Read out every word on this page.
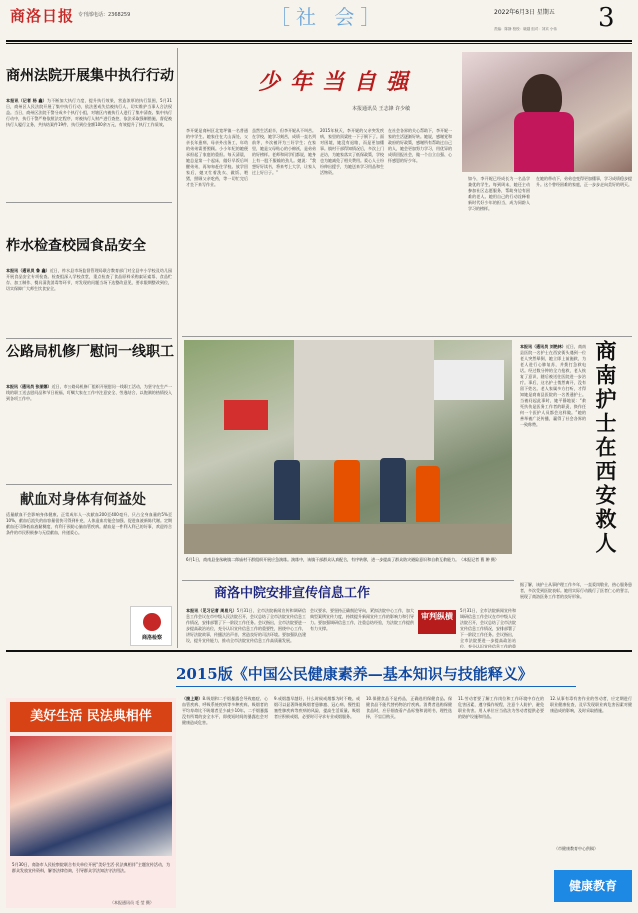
商洛日报 专刊部电话：2368259	［社 会］	2022年6月3日 星期五 3
责编：陈静 校校：晓越 组对：刘宾 小伟
商州法院开展集中执行行动
本报讯（记者 杨 鑫）为不断加大执行力度，提升执行效果，营造浓厚的执行氛围，5月31日，商州区人民法院开展了集中执行行动，依法惩戒失信被执行人，切实维护当事人合法权益。当日，商州区法院干警分成多个执行小组，对辖区内被执行人进行了集中清查。集中执行行动中，执行干警严格依照法定程序，对被执行人财产进行查控，依法采取强制措施，督促被执行人履行义务，共执结案件19件，执行到位金额100余万元，有效提升了执行工作质效。
柞水检查校园食品安全
本报讯（通讯员 鲁 鑫）近日，柞水县市场监督管理局联合教育部门对全县中小学校及幼儿园开展食品安全专项检查。检查组深入学校食堂，重点检查了食品原料采购索证索票、食品贮存、加工制作、餐具清洗消毒等环节，对发现的问题当场下达整改意见，要求限期整改到位，切实保障广大师生饮食安全。
公路局机修厂慰问一线职工
本报讯（通讯员 张丽娜）近日，市公路局机修厂组织开展慰问一线职工活动，为坚守在生产一线的职工送去慰问品和节日祝福，叮嘱大家在工作中注意安全、劳逸结合，以饱满的热情投入到各项工作中。
献血对身体有何益处
适量献血不会影响身体健康。正常成年人一次献血200至400毫升，只占全身血量的5%至10%，献血后流失的血容量很快可得到补充，人体造血功能会加强，促进血液新陈代谢。定期献血还可降低血液黏稠度，有利于预防心脑血管疾病。献血是一件利人利己的好事，欢迎符合条件的市民积极参与无偿献血，传递爱心。
商洛检察
少年当自强
本报通讯员 王志锋 许少敏
李开妮是商州区北宽坪镇一名普通的中学生。她家住在大山深处，父亲长年患病，母亲外出务工，年幼的弟弟需要照顾。小小年纪的她便承担起了家庭的重担。每天清晨，她总是第一个起床，做好早饭后叫醒弟弟，再匆匆赶往学校。放学回家后，她又忙着洗衣、做饭、喂猪，照顾父亲吃药，等一切忙完后才坐下来写作业。
虽然生活艰辛，但李开妮从不叫苦。在学校，她学习刻苦，成绩一直名列前茅，多次被评为三好学生；在家里，她是父母贴心的小棉袄，是弟弟的好榜样。老师和同学们都说，她身上有一股不服输的劲儿。她说：“我想好好读书，将来考上大学，让家人过上好日子。”
2015年秋天，李开妮的父亲突发疾病，家里的顶梁柱一下子倒下了。面对困境，她没有退缩，而是更加懂事。镇村干部得知情况后，多次上门走访，为她家落实了低保政策，学校也为她减免了相关费用。爱心人士纷纷伸出援手，为她送来学习用品和生活物资。
在社会各界的关心帮助下，李开妮一家的生活逐渐好转。她说，感谢党和政府的好政策，感谢所有帮助过自己的人，她会更加努力学习，用优异的成绩回报社会，做一个自立自强、心怀感恩的好少年。
如今，李开妮已经成长为一名品学兼优的学生。每到周末，她还主动参加社区志愿服务，帮助身边有困难的老人。她用自己的行动诠释着新时代好少年的担当，成为同龄人学习的榜样。
在她的带动下，弟弟也变得更加懂事，学习成绩稳步提升。这个曾经困难的家庭，正一步步走向美好的明天。
6月1日，商南县金丝峡镇二郎庙村干群组织开展应急演练。演练中，该镇干部群众认真配合，有序转移，进一步提高了群众防灾避险意识和自救互救能力。（本报记者 曹 翀 摄）
商南护士在西安救人
本报讯（通讯员 刘艳林）近日，商南县医院一名护士在西安街头遇到一位老人突然晕倒，她立即上前施救，为老人进行心肺复苏，并拨打急救电话。经过数分钟的全力抢救，老人恢复了意识，随后被送往医院进一步治疗。事后，这名护士悄然离开，没有留下姓名。老人家属多方打听，才得知她是商南县医院的一名普通护士。当被问起此事时，她平静地说：“救死扶伤是医务工作者的职责，换作任何一个医护人员都会这样做。”她的善举被广泛传播，赢得了社会各界的一致称赞。
据了解，该护士从事护理工作多年，一直爱岗敬业，热心服务患者，多次受到医院表彰。她用实际行动践行了医者仁心的誓言，展现了商洛医务工作者的良好形象。
商洛中院安排宣传信息工作
本报讯（见习记者 周易凡）5月31日，全市法院新闻宣传和调研信息工作会议在市中级人民法院召开，会议总结了全市法院宣传信息工作情况，安排部署了下一阶段工作任务。会议指出，全市法院要进一步提高政治站位，充分认识宣传信息工作的重要性，围绕中心工作，讲好法院故事，传播法治声音，营造良好的司法环境。要加强队伍建设，提升宣传能力，推动全市法院宣传信息工作高质量发展。
会议要求，要坚持正确舆论导向，紧扣法院中心工作，加大典型案例宣传力度，持续提升新闻宣传工作的影响力和引导力。要加强调研信息工作，注重总结经验，为法院工作提供有力支撑。
审判纵横
5月31日，全市法院新闻宣传和调研信息工作会议在市中级人民法院召开，会议总结了全市法院宣传信息工作情况，安排部署了下一阶段工作任务。会议指出，全市法院要进一步提高政治站位，充分认识宣传信息工作的重
2015版《中国公民健康素养—基本知识与技能释义》
美好生活 民法典相伴
5月30日，商洛市人民检察院联合有关单位开展“美好生活·民法典相伴”主题宣传活动，为群众发放宣传资料，解答法律咨询，引导群众学法知法守法用法。
（本报通讯员 毛 莹 摄）
（接上期）8.吸烟和二手烟暴露会导致癌症、心血管疾病、呼吸系统疾病等多种疾病。吸烟者的平均寿命比不吸烟者至少减少10年。二手烟暴露没有所谓的安全水平，即使短时间的暴露也会对健康造成危害。
9.戒烟越早越好，什么时候戒烟都为时不晚。戒烟可以显著降低吸烟者患肺癌、冠心病、慢性阻塞性肺疾病等疾病的风险，提高生活质量。吸烟者应积极戒烟，必要时可寻求专业戒烟服务。
10.保健食品不是药品，正确选用保健食品。保健食品不能代替药物治疗疾病。消费者选购保健食品时，应仔细查看产品标签和说明书，理性选择，不盲目购买。
11.劳动者要了解工作岗位和工作环境中存在的危害因素，遵守操作规程，注意个人防护，避免职业伤害。用人单位应当依法为劳动者提供必要的防护设施和用品。
12.从事有毒有害作业的劳动者，应定期进行职业健康检查，及早发现职业病危害因素对健康造成的影响，及时采取措施。
（市健康教育中心供稿）
健康教育
